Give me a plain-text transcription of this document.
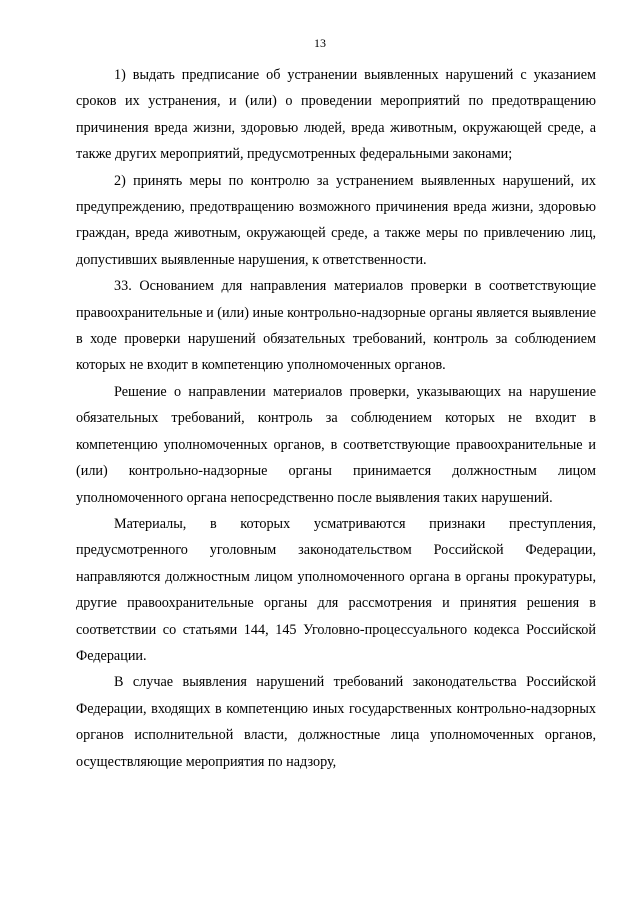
13

1) выдать предписание об устранении выявленных нарушений с указанием сроков их устранения, и (или) о проведении мероприятий по предотвращению причинения вреда жизни, здоровью людей, вреда животным, окружающей среде, а также других мероприятий, предусмотренных федеральными законами;

2) принять меры по контролю за устранением выявленных нарушений, их предупреждению, предотвращению возможного причинения вреда жизни, здоровью граждан, вреда животным, окружающей среде, а также меры по привлечению лиц, допустивших выявленные нарушения, к ответственности.

33. Основанием для направления материалов проверки в соответствующие правоохранительные и (или) иные контрольно-надзорные органы является выявление в ходе проверки нарушений обязательных требований, контроль за соблюдением которых не входит в компетенцию уполномоченных органов.

Решение о направлении материалов проверки, указывающих на нарушение обязательных требований, контроль за соблюдением которых не входит в компетенцию уполномоченных органов, в соответствующие правоохранительные и (или) контрольно-надзорные органы принимается должностным лицом уполномоченного органа непосредственно после выявления таких нарушений.

Материалы, в которых усматриваются признаки преступления, предусмотренного уголовным законодательством Российской Федерации, направляются должностным лицом уполномоченного органа в органы прокуратуры, другие правоохранительные органы для рассмотрения и принятия решения в соответствии со статьями 144, 145 Уголовно-процессуального кодекса Российской Федерации.

В случае выявления нарушений требований законодательства Российской Федерации, входящих в компетенцию иных государственных контрольно-надзорных органов исполнительной власти, должностные лица уполномоченных органов, осуществляющие мероприятия по надзору,
